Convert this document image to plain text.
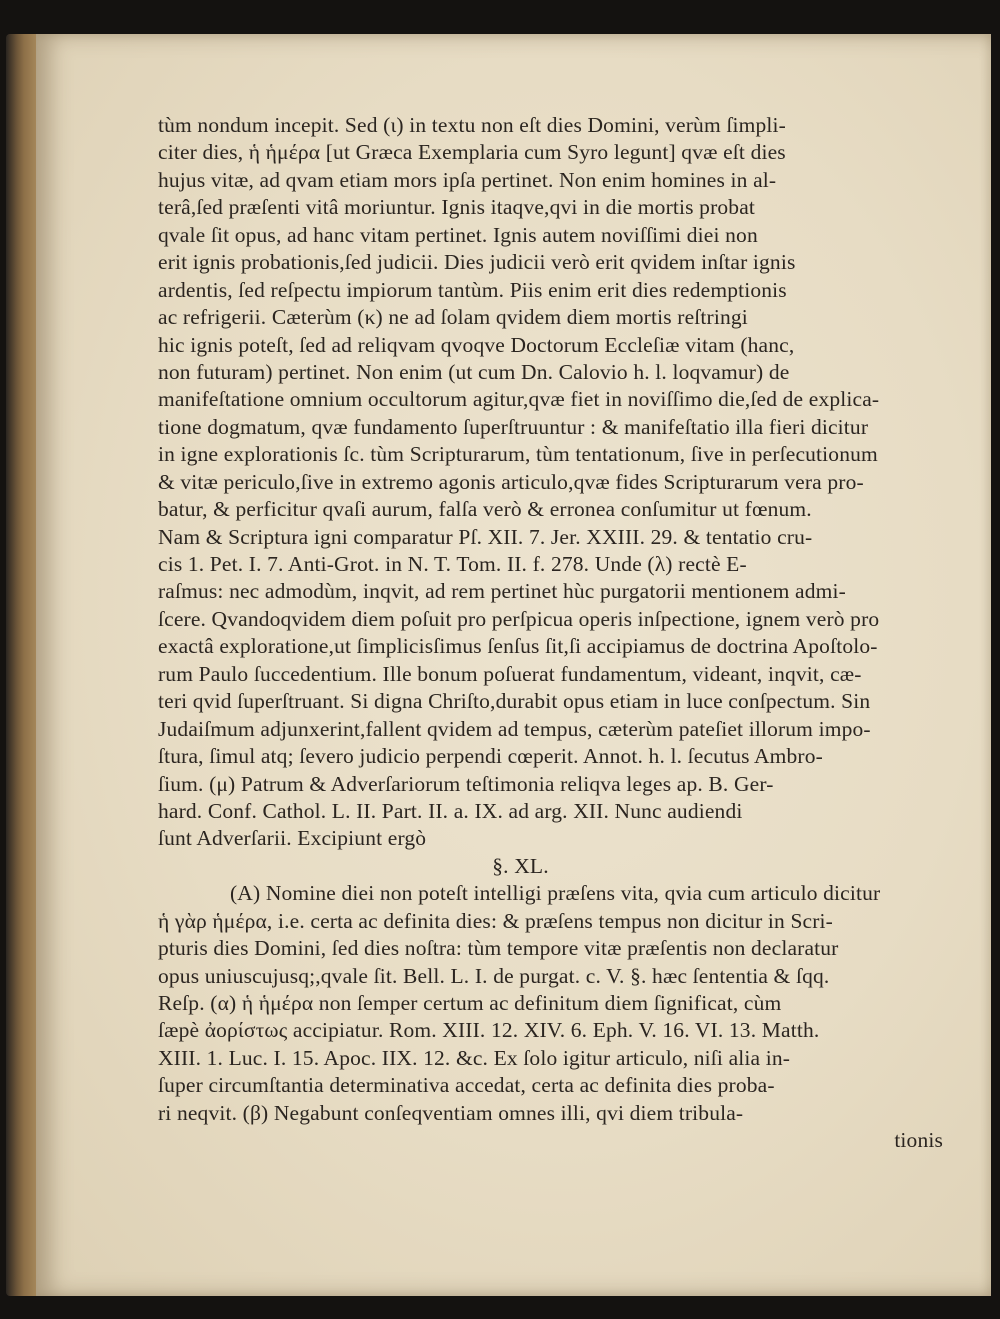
tùm nondum incepit. Sed (ι) in textu non eſt dies Domini, verùm ſimpli-
citer dies, ἡ ἡμέρα [ut Græca Exemplaria cum Syro legunt] qvæ eſt dies
hujus vitæ, ad qvam etiam mors ipſa pertinet. Non enim homines in al-
terâ,ſed præſenti vitâ moriuntur. Ignis itaqve,qvi in die mortis probat
qvale ſit opus, ad hanc vitam pertinet. Ignis autem noviſſimi diei non
erit ignis probationis,ſed judicii. Dies judicii verò erit qvidem inſtar ignis
ardentis, ſed reſpectu impiorum tantùm. Piis enim erit dies redemptionis
ac refrigerii. Cæterùm (κ) ne ad ſolam qvidem diem mortis reſtringi
hic ignis poteſt, ſed ad reliqvam qvoqve Doctorum Eccleſiæ vitam (hanc,
non futuram) pertinet. Non enim (ut cum Dn. Calovio h. l. loqvamur) de
manifeſtatione omnium occultorum agitur,qvæ fiet in noviſſimo die,ſed de explica-
tione dogmatum, qvæ fundamento ſuperſtruuntur : & manifeſtatio illa fieri dicitur
in igne explorationis ſc. tùm Scripturarum, tùm tentationum, ſive in perſecutionum
& vitæ periculo,ſive in extremo agonis articulo,qvæ fides Scripturarum vera pro-
batur, & perficitur qvaſi aurum, falſa verò & erronea conſumitur ut fœnum.
Nam & Scriptura igni comparatur Pſ. XII. 7. Jer. XXIII. 29. & tentatio cru-
cis 1. Pet. I. 7. Anti-Grot. in N. T. Tom. II. f. 278. Unde (λ) rectè E-
raſmus: nec admodùm, inqvit, ad rem pertinet hùc purgatorii mentionem admi-
ſcere. Qvandoqvidem diem poſuit pro perſpicua operis inſpectione, ignem verò pro
exactâ exploratione,ut ſimplicisſimus ſenſus ſit,ſi accipiamus de doctrina Apoſtolo-
rum Paulo ſuccedentium. Ille bonum poſuerat fundamentum, videant, inqvit, cæ-
teri qvid ſuperſtruant. Si digna Chriſto,durabit opus etiam in luce conſpectum. Sin
Judaiſmum adjunxerint,fallent qvidem ad tempus, cæterùm pateſiet illorum impo-
ſtura, ſimul atq; ſevero judicio perpendi cœperit. Annot. h. l. ſecutus Ambro-
ſium. (μ) Patrum & Adverſariorum teſtimonia reliqva leges ap. B. Ger-
hard. Conf. Cathol. L. II. Part. II. a. IX. ad arg. XII. Nunc audiendi
ſunt Adverſarii. Excipiunt ergò
§. XL.
(A) Nomine diei non poteſt intelligi præſens vita, qvia cum articulo dicitur
ἡ γὰρ ἡμέρα, i.e. certa ac definita dies: & præſens tempus non dicitur in Scri-
pturis dies Domini, ſed dies noſtra: tùm tempore vitæ præſentis non declaratur
opus uniuscujusq;,qvale ſit. Bell. L. I. de purgat. c. V. §. hæc ſententia & ſqq.
Reſp. (α) ἡ ἡμέρα non ſemper certum ac definitum diem ſignificat, cùm
ſæpè ἀορίστως accipiatur. Rom. XIII. 12. XIV. 6. Eph. V. 16. VI. 13. Matth.
XIII. 1. Luc. I. 15. Apoc. IIX. 12. &c. Ex ſolo igitur articulo, niſi alia in-
ſuper circumſtantia determinativa accedat, certa ac definita dies proba-
ri neqvit. (β) Negabunt conſeqventiam omnes illi, qvi diem tribula-
tionis
